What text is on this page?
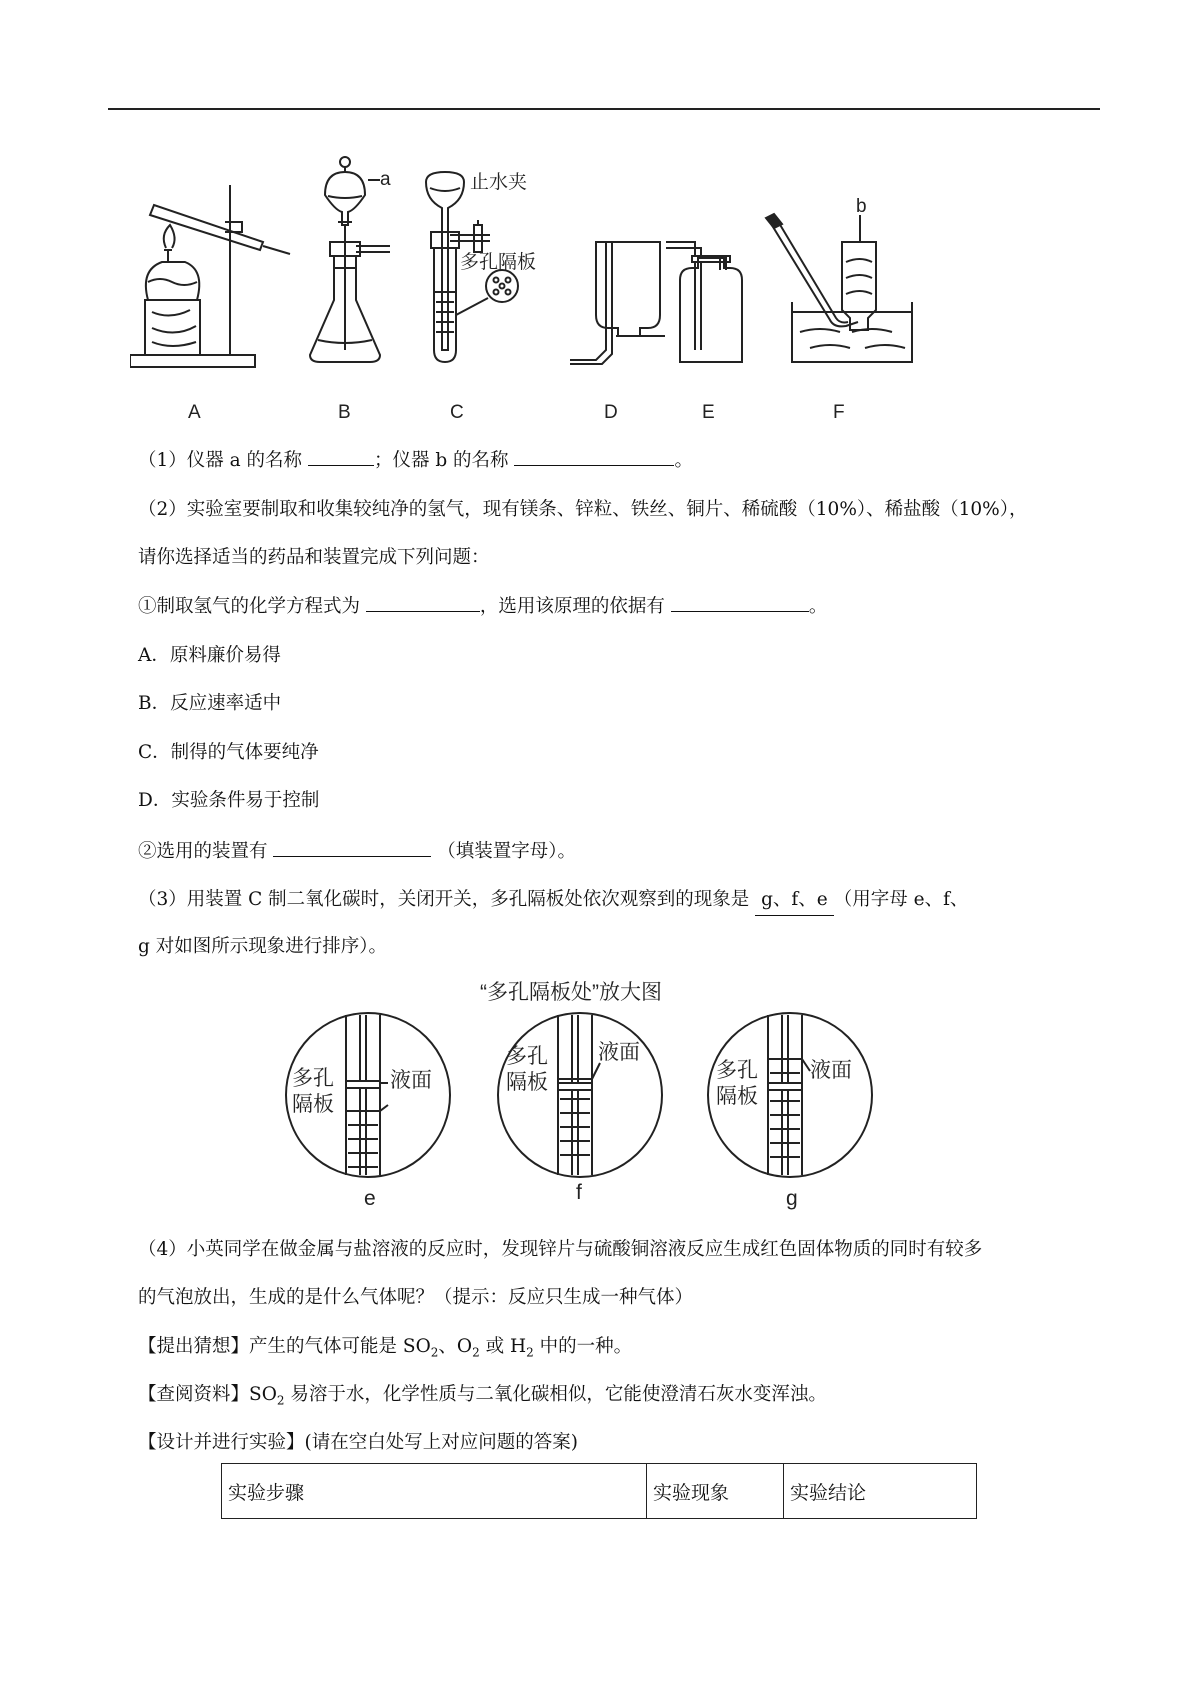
a
b
止水夹
多孔隔板
A	B	C	D	E	F
（1）仪器 a 的名称	；仪器 b 的名称	。
（2）实验室要制取和收集较纯净的氢气，现有镁条、锌粒、铁丝、铜片、稀硫酸（10%）、稀盐酸（10%），
请你选择适当的药品和装置完成下列问题：
①制取氢气的化学方程式为	，选用该原理的依据有	。
A．原料廉价易得
B．反应速率适中
C．制得的气体要纯净
D．实验条件易于控制
②选用的装置有	（填装置字母）。
（3）用装置 C 制二氧化碳时，关闭开关，多孔隔板处依次观察到的现象是 g、f、e （用字母 e、f、
g 对如图所示现象进行排序）。
“多孔隔板处”放大图
多孔
隔板
液面
多孔
隔板
液面
多孔
隔板
液面
e	f	g
（4）小英同学在做金属与盐溶液的反应时，发现锌片与硫酸铜溶液反应生成红色固体物质的同时有较多
的气泡放出，生成的是什么气体呢？（提示：反应只生成一种气体）
【提出猜想】产生的气体可能是 $SO_2$、$O_2$ 或 $H_2$ 中的一种。
【查阅资料】$SO_2$ 易溶于水，化学性质与二氧化碳相似，它能使澄清石灰水变浑浊。
【设计并进行实验】(请在空白处写上对应问题的答案)
实验步骤	实验现象	实验结论
